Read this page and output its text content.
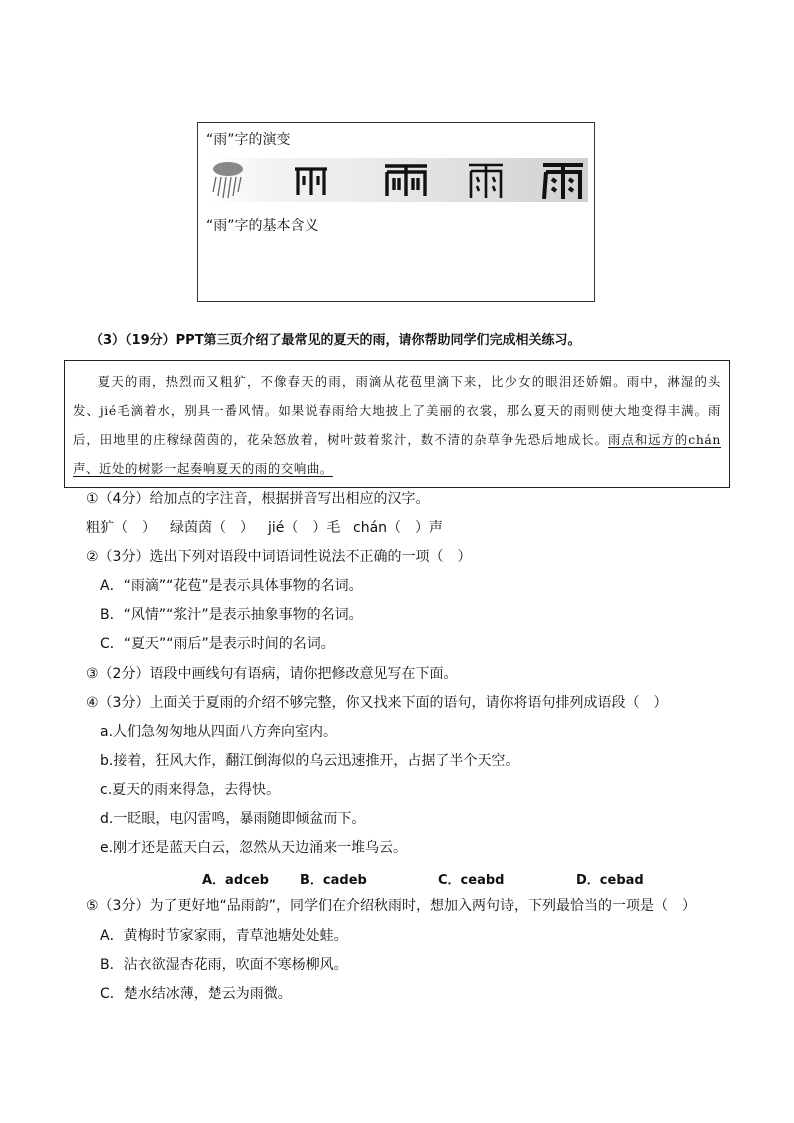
“雨”字的演变
“雨”字的基本含义
（3）（19分）PPT第三页介绍了最常见的夏天的雨，请你帮助同学们完成相关练习。

夏天的雨，热烈而又粗犷，不像春天的雨，雨滴从花苞里滴下来，比少女的眼泪还娇媚。雨中，淋湿的头发、jié毛滴着水，别具一番风情。如果说春雨给大地披上了美丽的衣裳，那么夏天的雨则使大地变得丰满。雨后，田地里的庄稼绿茵茵的，花朵怒放着，树叶鼓着浆汁，数不清的杂草争先恐后地成长。雨点和远方的chán声、近处的树影一起奏响夏天的雨的交响曲。

①（4分）给加点的字注音，根据拼音写出相应的汉字。
粗犷（　） 绿茵茵（　） jié（　）毛 chán（　）声
②（3分）选出下列对语段中词语词性说法不正确的一项（　）
A．“雨滴”“花苞”是表示具体事物的名词。
B．“风情”“浆汁”是表示抽象事物的名词。
C．“夏天”“雨后”是表示时间的名词。
③（2分）语段中画线句有语病，请你把修改意见写在下面。
④（3分）上面关于夏雨的介绍不够完整，你又找来下面的语句，请你将语句排列成语段（　）
a.人们急匆匆地从四面八方奔向室内。
b.接着，狂风大作，翻江倒海似的乌云迅速推开，占据了半个天空。
c.夏天的雨来得急，去得快。
d.一眨眼，电闪雷鸣，暴雨随即倾盆而下。
e.刚才还是蓝天白云，忽然从天边涌来一堆乌云。
A．adceb B．cadeb	C．ceabd	D．cebad
⑤（3分）为了更好地“品雨韵”，同学们在介绍秋雨时，想加入两句诗，下列最恰当的一项是（　）
A．黄梅时节家家雨，青草池塘处处蛙。
B．沾衣欲湿杏花雨，吹面不寒杨柳风。
C．楚水结冰薄，楚云为雨微。
